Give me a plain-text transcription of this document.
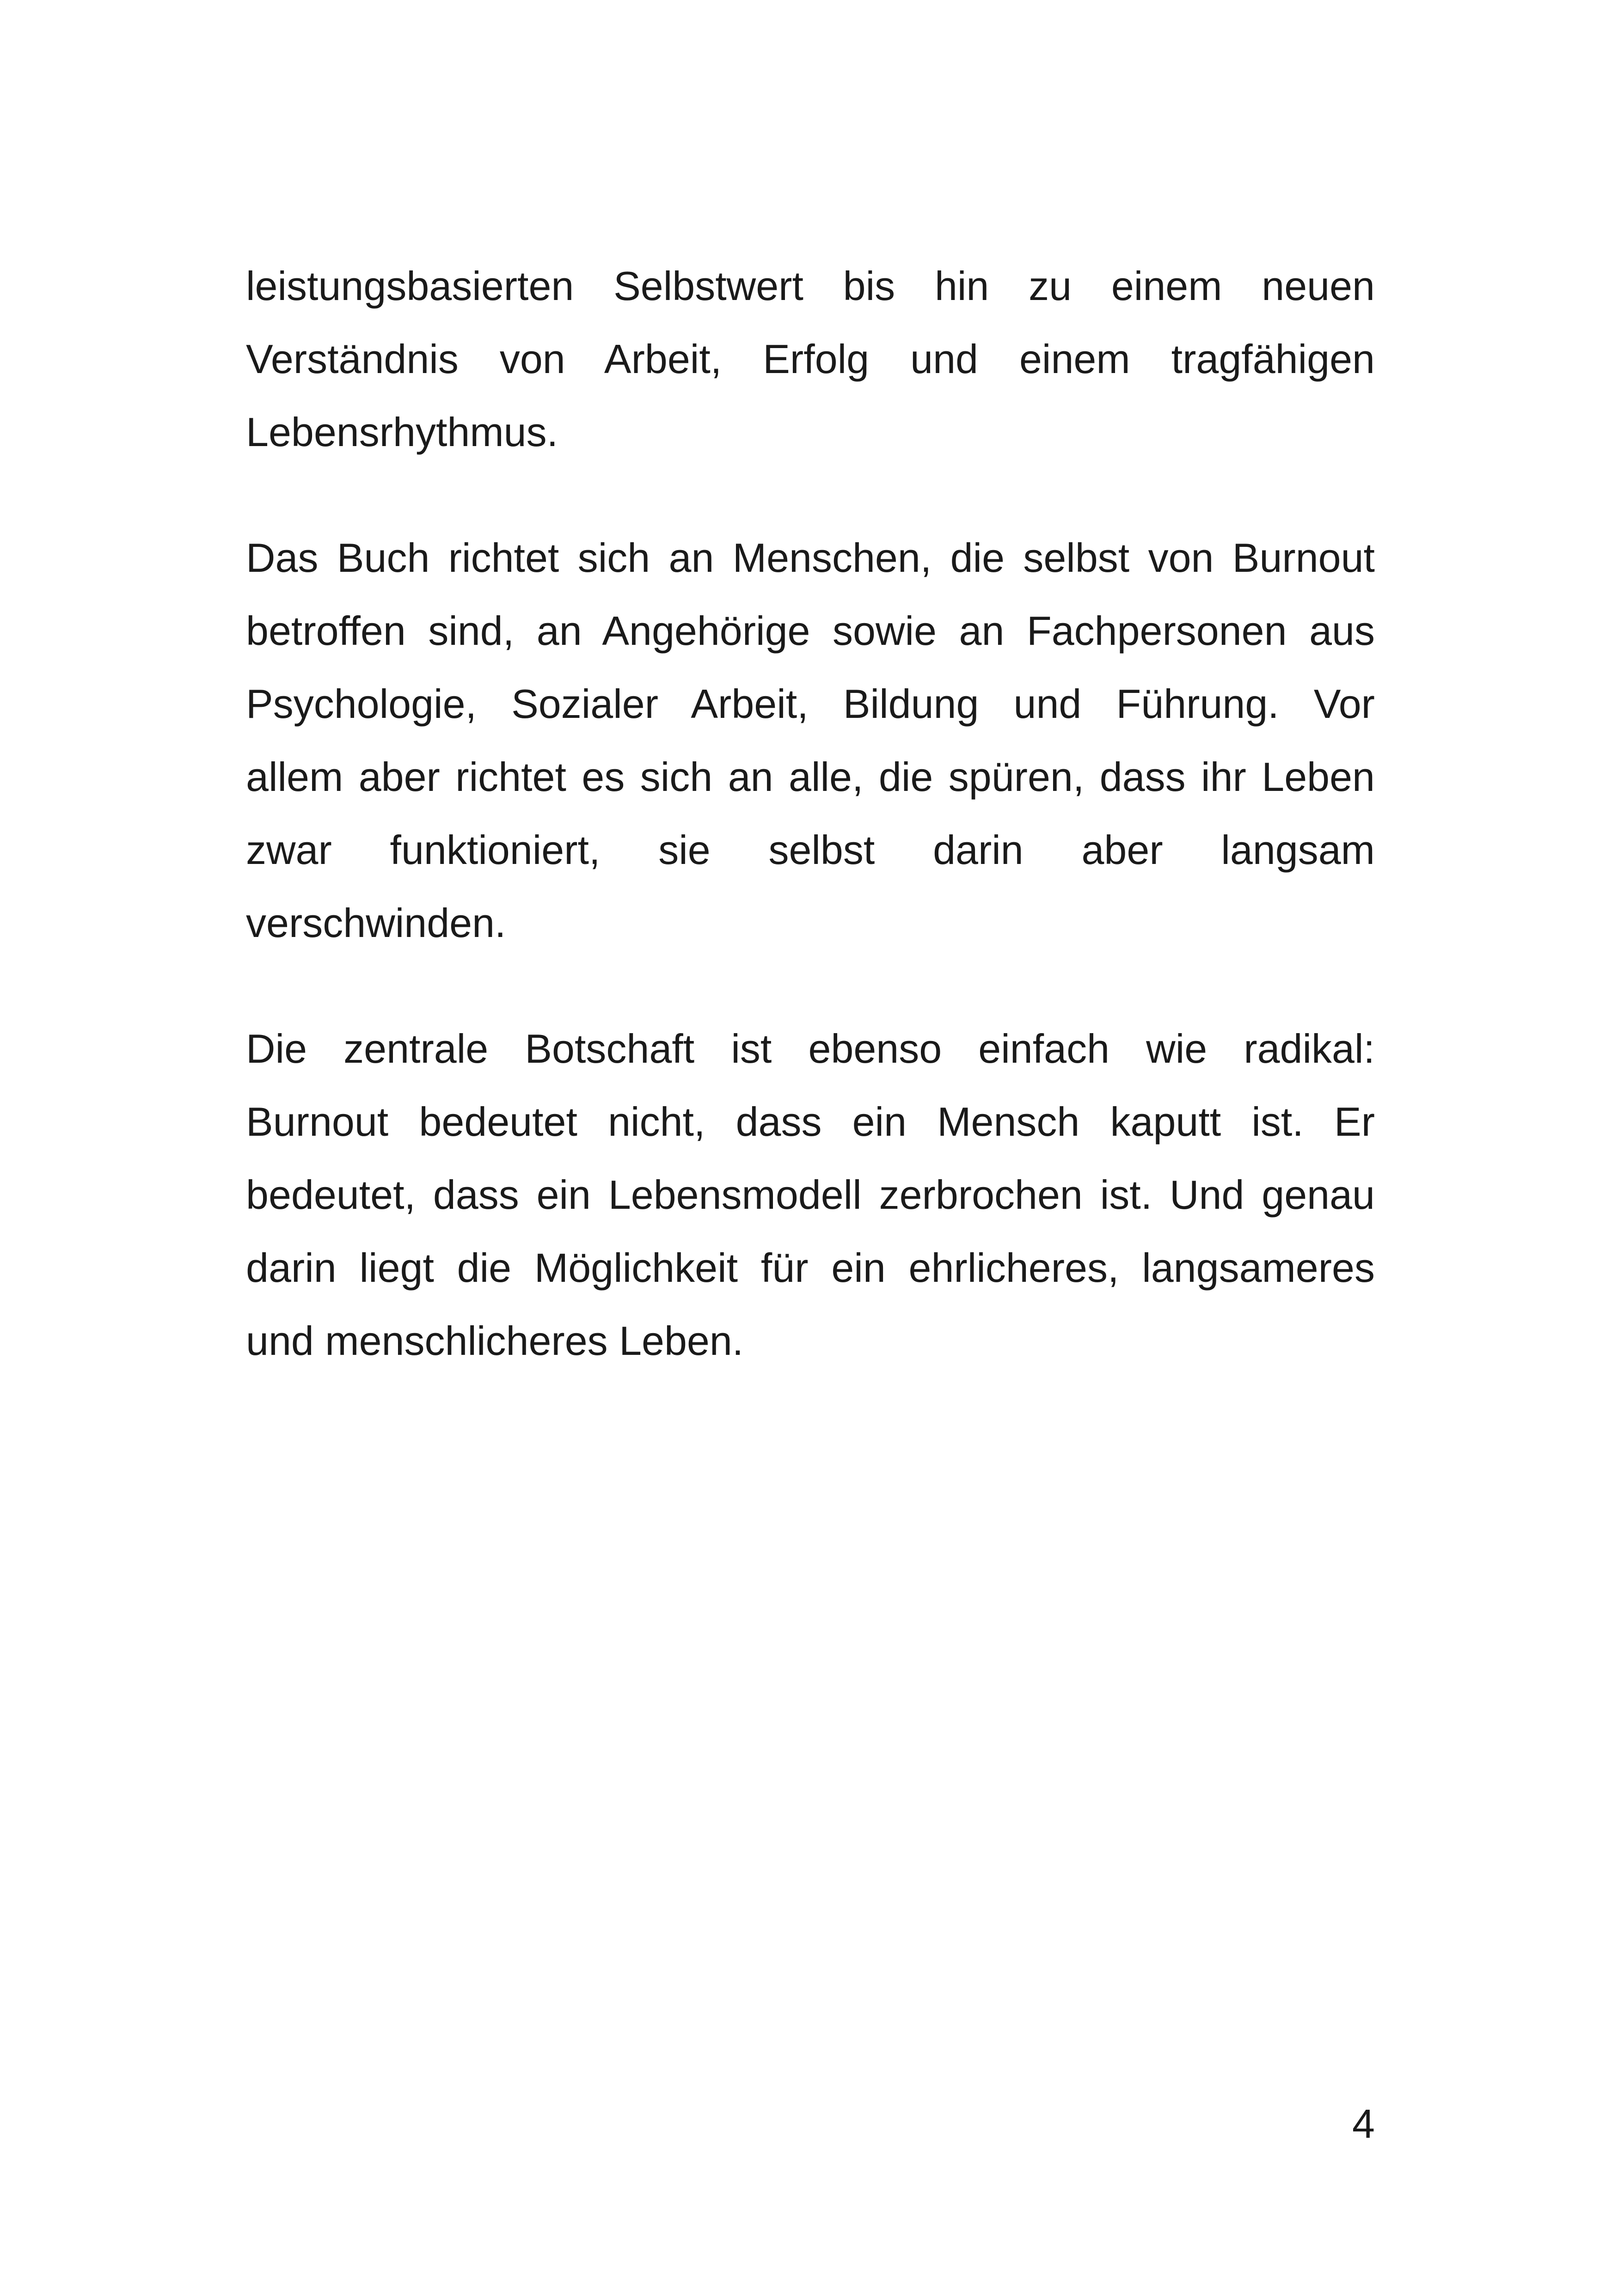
leistungsbasierten Selbstwert bis hin zu einem neuen
Verständnis von Arbeit, Erfolg und einem tragfähigen
Lebensrhythmus.

Das Buch richtet sich an Menschen, die selbst von Burnout
betroffen sind, an Angehörige sowie an Fachpersonen aus
Psychologie, Sozialer Arbeit, Bildung und Führung. Vor
allem aber richtet es sich an alle, die spüren, dass ihr Leben
zwar funktioniert, sie selbst darin aber langsam
verschwinden.

Die zentrale Botschaft ist ebenso einfach wie radikal:
Burnout bedeutet nicht, dass ein Mensch kaputt ist. Er
bedeutet, dass ein Lebensmodell zerbrochen ist. Und genau
darin liegt die Möglichkeit für ein ehrlicheres, langsameres
und menschlicheres Leben.

4
